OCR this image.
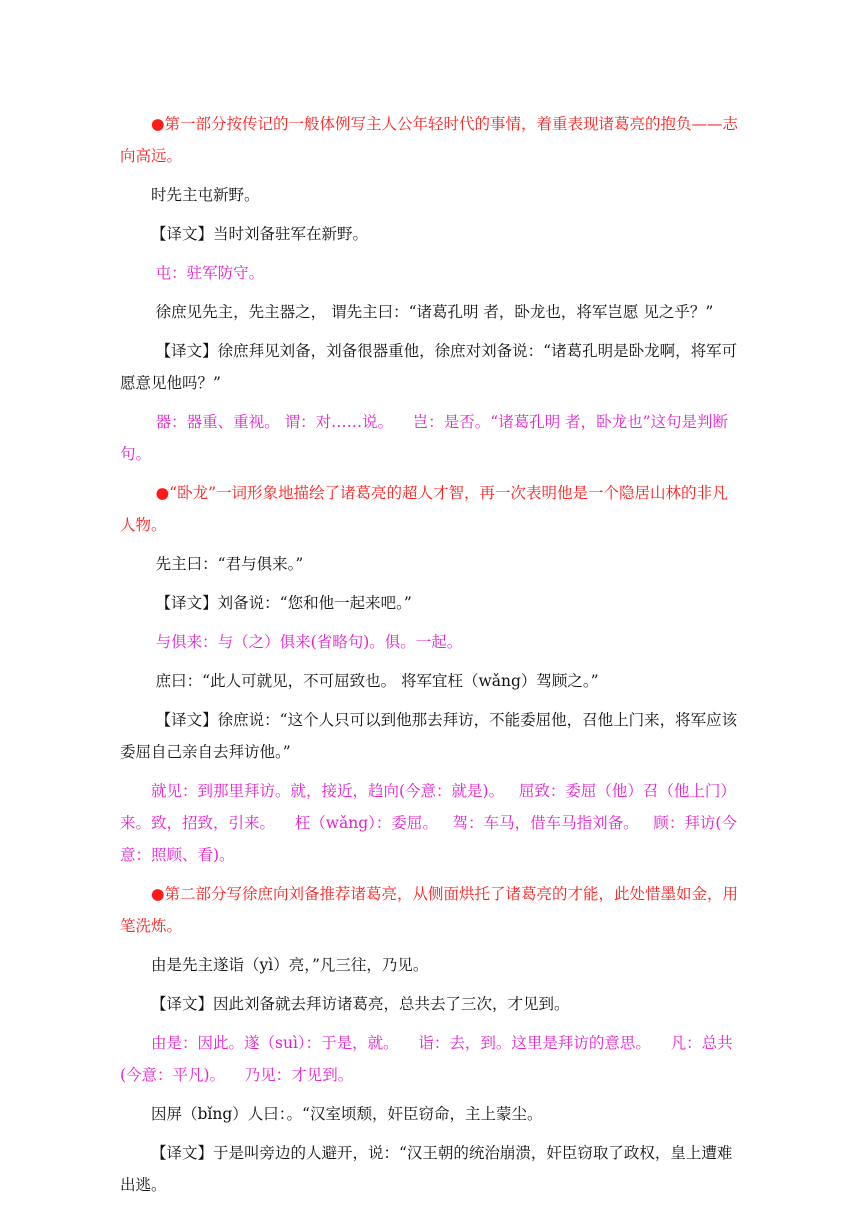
●第一部分按传记的一般体例写主人公年轻时代的事情，着重表现诸葛亮的抱负——志向高远。

时先主屯新野。

【译文】当时刘备驻军在新野。

屯：驻军防守。

徐庶见先主，先主器之， 谓先主曰：“诸葛孔明 者，卧龙也，将军岂愿 见之乎？”

【译文】徐庶拜见刘备，刘备很器重他，徐庶对刘备说：“诸葛孔明是卧龙啊，将军可愿意见他吗？”

器：器重、重视。 谓：对……说。    岂：是否。“诸葛孔明 者，卧龙也”这句是判断句。

●“卧龙”一词形象地描绘了诸葛亮的超人才智，再一次表明他是一个隐居山林的非凡人物。

先主曰：“君与俱来。”

【译文】刘备说：“您和他一起来吧。”

与俱来：与（之）俱来(省略句)。俱。一起。

庶曰：“此人可就见，不可屈致也。 将军宜枉（wǎng）驾顾之。”

【译文】徐庶说：“这个人只可以到他那去拜访，不能委屈他，召他上门来，将军应该委屈自己亲自去拜访他。”

就见：到那里拜访。就，接近，趋向(今意：就是)。   屈致：委屈（他）召（他上门）来。致，招致，引来。    枉（wǎng）：委屈。   驾：车马，借车马指刘备。   顾：拜访(今意：照顾、看)。

●第二部分写徐庶向刘备推荐诸葛亮，从侧面烘托了诸葛亮的才能，此处惜墨如金，用笔洗炼。

由是先主遂诣（yì）亮，”凡三往，乃见。

【译文】因此刘备就去拜访诸葛亮，总共去了三次，才见到。

由是：因此。遂（suì）：于是，就。    诣：去，到。这里是拜访的意思。    凡：总共(今意：平凡)。    乃见：才见到。

因屏（bǐng）人曰：。“汉室顷颓，奸臣窃命，主上蒙尘。

【译文】于是叫旁边的人避开，说：“汉王朝的统治崩溃，奸臣窃取了政权，皇上遭难出逃。
